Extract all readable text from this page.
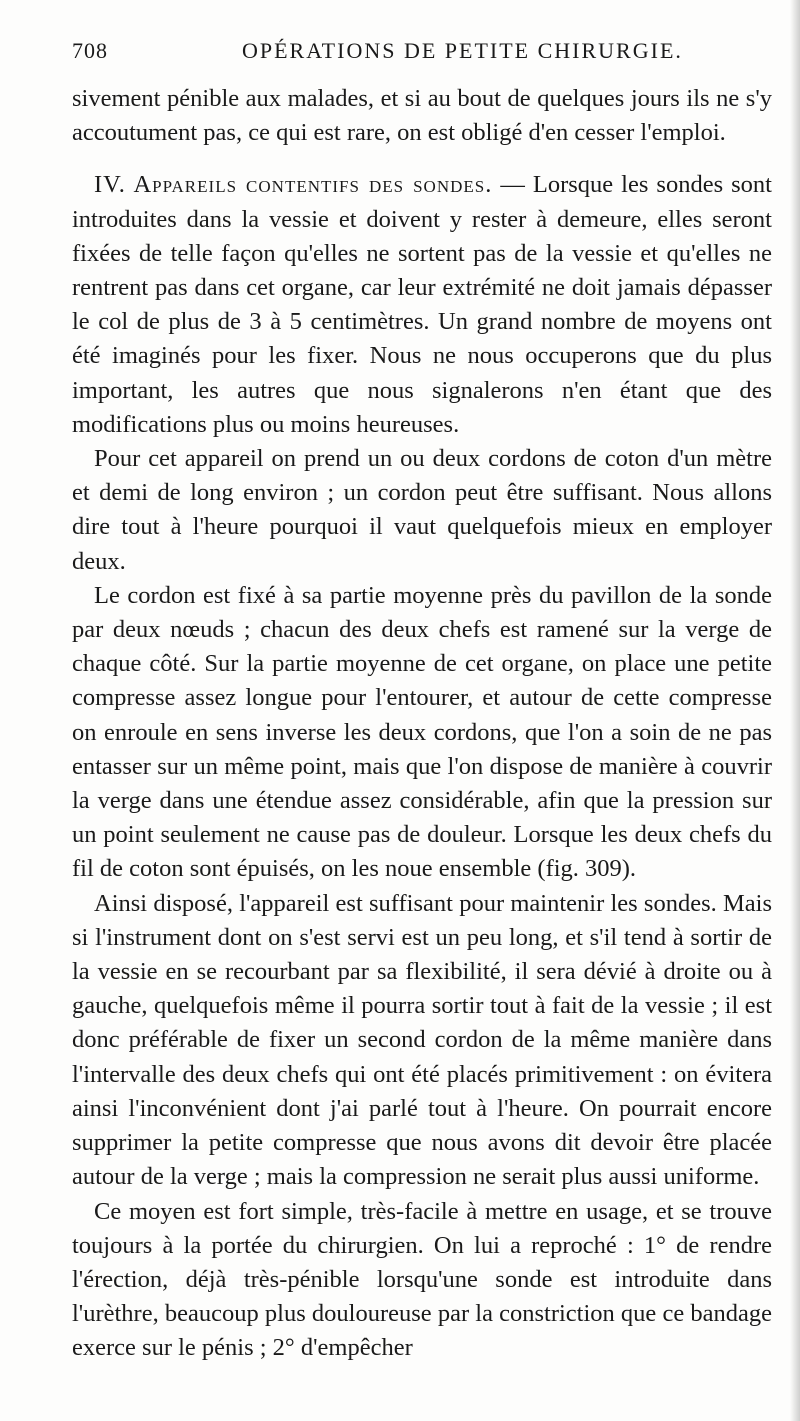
708	OPÉRATIONS DE PETITE CHIRURGIE.

sivement pénible aux malades, et si au bout de quelques jours ils ne s'y accoutument pas, ce qui est rare, on est obligé d'en cesser l'emploi.

IV. Appareils contentifs des sondes. — Lorsque les sondes sont introduites dans la vessie et doivent y rester à demeure, elles seront fixées de telle façon qu'elles ne sortent pas de la vessie et qu'elles ne rentrent pas dans cet organe, car leur extrémité ne doit jamais dépasser le col de plus de 3 à 5 centimètres. Un grand nombre de moyens ont été imaginés pour les fixer. Nous ne nous occuperons que du plus important, les autres que nous signalerons n'en étant que des modifications plus ou moins heureuses.

Pour cet appareil on prend un ou deux cordons de coton d'un mètre et demi de long environ ; un cordon peut être suffisant. Nous allons dire tout à l'heure pourquoi il vaut quelquefois mieux en employer deux.

Le cordon est fixé à sa partie moyenne près du pavillon de la sonde par deux nœuds ; chacun des deux chefs est ramené sur la verge de chaque côté. Sur la partie moyenne de cet organe, on place une petite compresse assez longue pour l'entourer, et autour de cette compresse on enroule en sens inverse les deux cordons, que l'on a soin de ne pas entasser sur un même point, mais que l'on dispose de manière à couvrir la verge dans une étendue assez considérable, afin que la pression sur un point seulement ne cause pas de douleur. Lorsque les deux chefs du fil de coton sont épuisés, on les noue ensemble (fig. 309).

Ainsi disposé, l'appareil est suffisant pour maintenir les sondes. Mais si l'instrument dont on s'est servi est un peu long, et s'il tend à sortir de la vessie en se recourbant par sa flexibilité, il sera dévié à droite ou à gauche, quelquefois même il pourra sortir tout à fait de la vessie ; il est donc préférable de fixer un second cordon de la même manière dans l'intervalle des deux chefs qui ont été placés primitivement : on évitera ainsi l'inconvénient dont j'ai parlé tout à l'heure. On pourrait encore supprimer la petite compresse que nous avons dit devoir être placée autour de la verge ; mais la compression ne serait plus aussi uniforme.

Ce moyen est fort simple, très-facile à mettre en usage, et se trouve toujours à la portée du chirurgien. On lui a reproché : 1° de rendre l'érection, déjà très-pénible lorsqu'une sonde est introduite dans l'urèthre, beaucoup plus douloureuse par la constriction que ce bandage exerce sur le pénis ; 2° d'empêcher
